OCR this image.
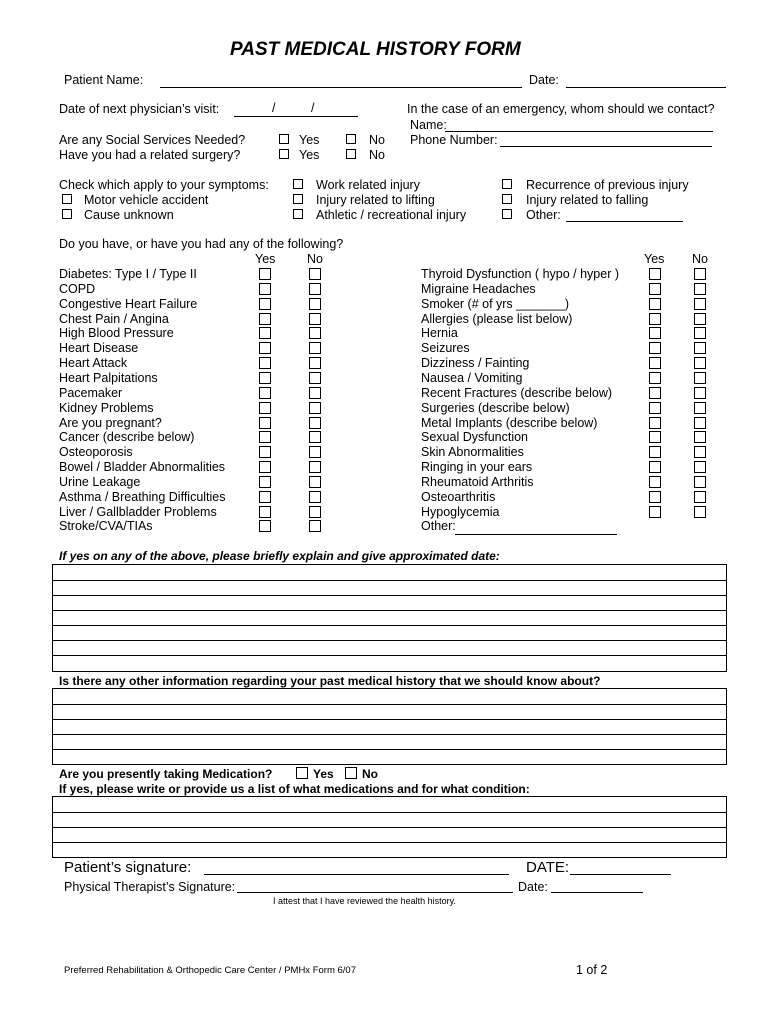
PAST MEDICAL HISTORY FORM
Patient Name:	Date:
Date of next physician’s visit:	/	/	In the case of an emergency, whom should we contact?
Name:
Phone Number:
Are any Social Services Needed?	Yes	No
Have you had a related surgery?	Yes	No
Check which apply to your symptoms:
Motor vehicle accident
Cause unknown
Work related injury
Injury related to lifting
Athletic / recreational injury
Recurrence of previous injury
Injury related to falling
Other:
Do you have, or have you had any of the following?
Yes	No	Yes No
Diabetes: Type I / Type II
COPD
Congestive Heart Failure
Chest Pain / Angina
High Blood Pressure
Heart Disease
Heart Attack
Heart Palpitations
Pacemaker
Kidney Problems
Are you pregnant?
Cancer (describe below)
Osteoporosis
Bowel / Bladder Abnormalities
Urine Leakage
Asthma / Breathing Difficulties
Liver / Gallbladder Problems
Stroke/CVA/TIAs
Thyroid Dysfunction ( hypo / hyper )
Migraine Headaches
Smoker (# of yrs _______)
Allergies (please list below)
Hernia
Seizures
Dizziness / Fainting
Nausea / Vomiting
Recent Fractures (describe below)
Surgeries (describe below)
Metal Implants (describe below)
Sexual Dysfunction
Skin Abnormalities
Ringing in your ears
Rheumatoid Arthritis
Osteoarthritis
Hypoglycemia
Other:
If yes on any of the above, please briefly explain and give approximated date:
Is there any other information regarding your past medical history that we should know about?
Are you presently taking Medication?	Yes No
If yes, please write or provide us a list of what medications and for what condition:
Patient’s signature:	DATE:
Physical Therapist’s Signature:	Date:
I attest that I have reviewed the health history.
Preferred Rehabilitation & Orthopedic Care Center / PMHx Form 6/07	1 of 2
